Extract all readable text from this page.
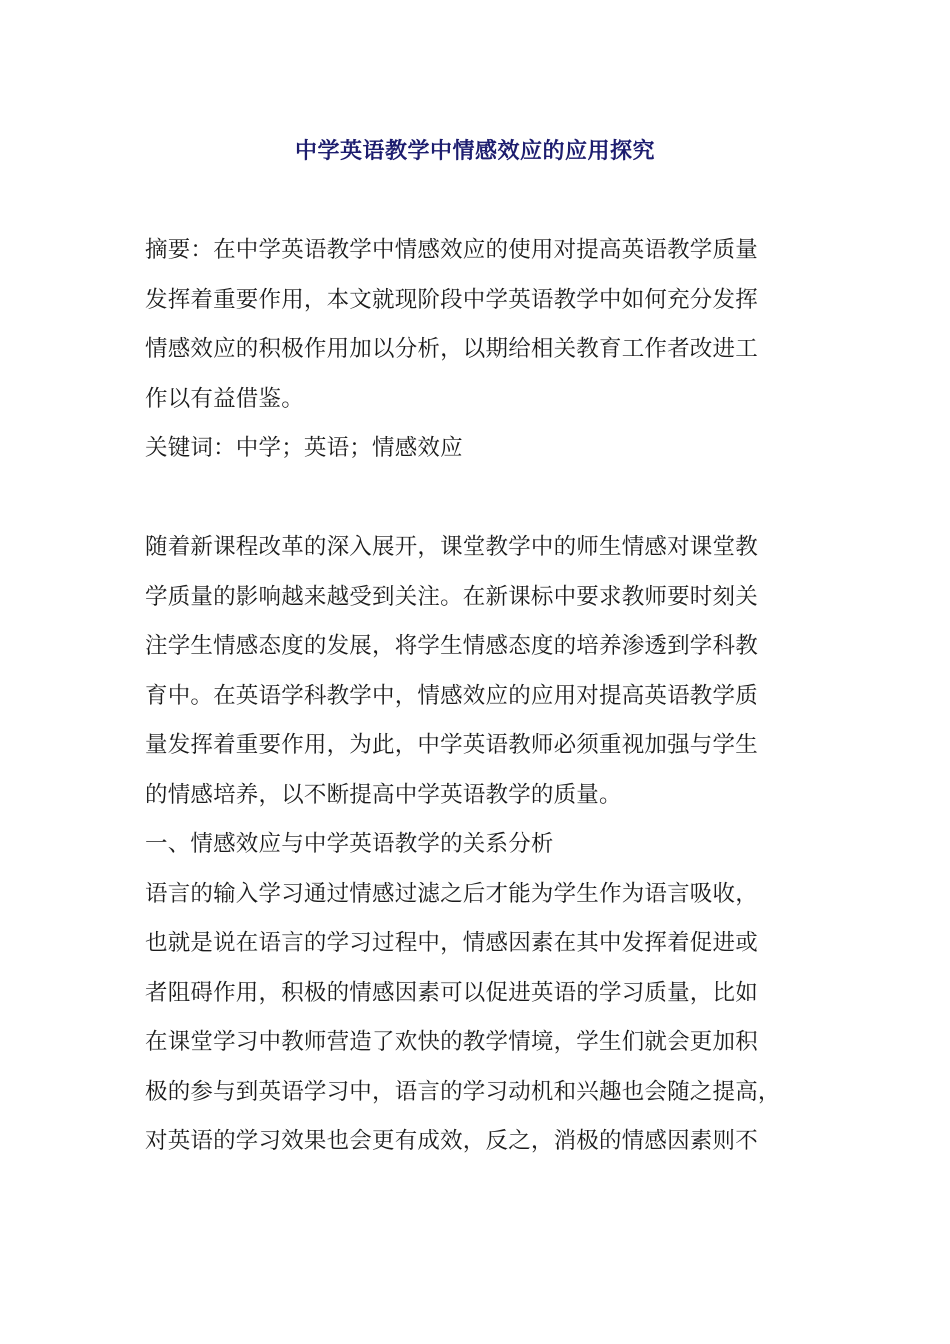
中学英语教学中情感效应的应用探究
摘要：在中学英语教学中情感效应的使用对提高英语教学质量
发挥着重要作用，本文就现阶段中学英语教学中如何充分发挥
情感效应的积极作用加以分析，以期给相关教育工作者改进工
作以有益借鉴。
关键词：中学；英语；情感效应
随着新课程改革的深入展开，课堂教学中的师生情感对课堂教
学质量的影响越来越受到关注。在新课标中要求教师要时刻关
注学生情感态度的发展，将学生情感态度的培养渗透到学科教
育中。在英语学科教学中，情感效应的应用对提高英语教学质
量发挥着重要作用，为此，中学英语教师必须重视加强与学生
的情感培养，以不断提高中学英语教学的质量。
一、情感效应与中学英语教学的关系分析
语言的输入学习通过情感过滤之后才能为学生作为语言吸收，
也就是说在语言的学习过程中，情感因素在其中发挥着促进或
者阻碍作用，积极的情感因素可以促进英语的学习质量，比如
在课堂学习中教师营造了欢快的教学情境，学生们就会更加积
极的参与到英语学习中，语言的学习动机和兴趣也会随之提高，
对英语的学习效果也会更有成效，反之，消极的情感因素则不
